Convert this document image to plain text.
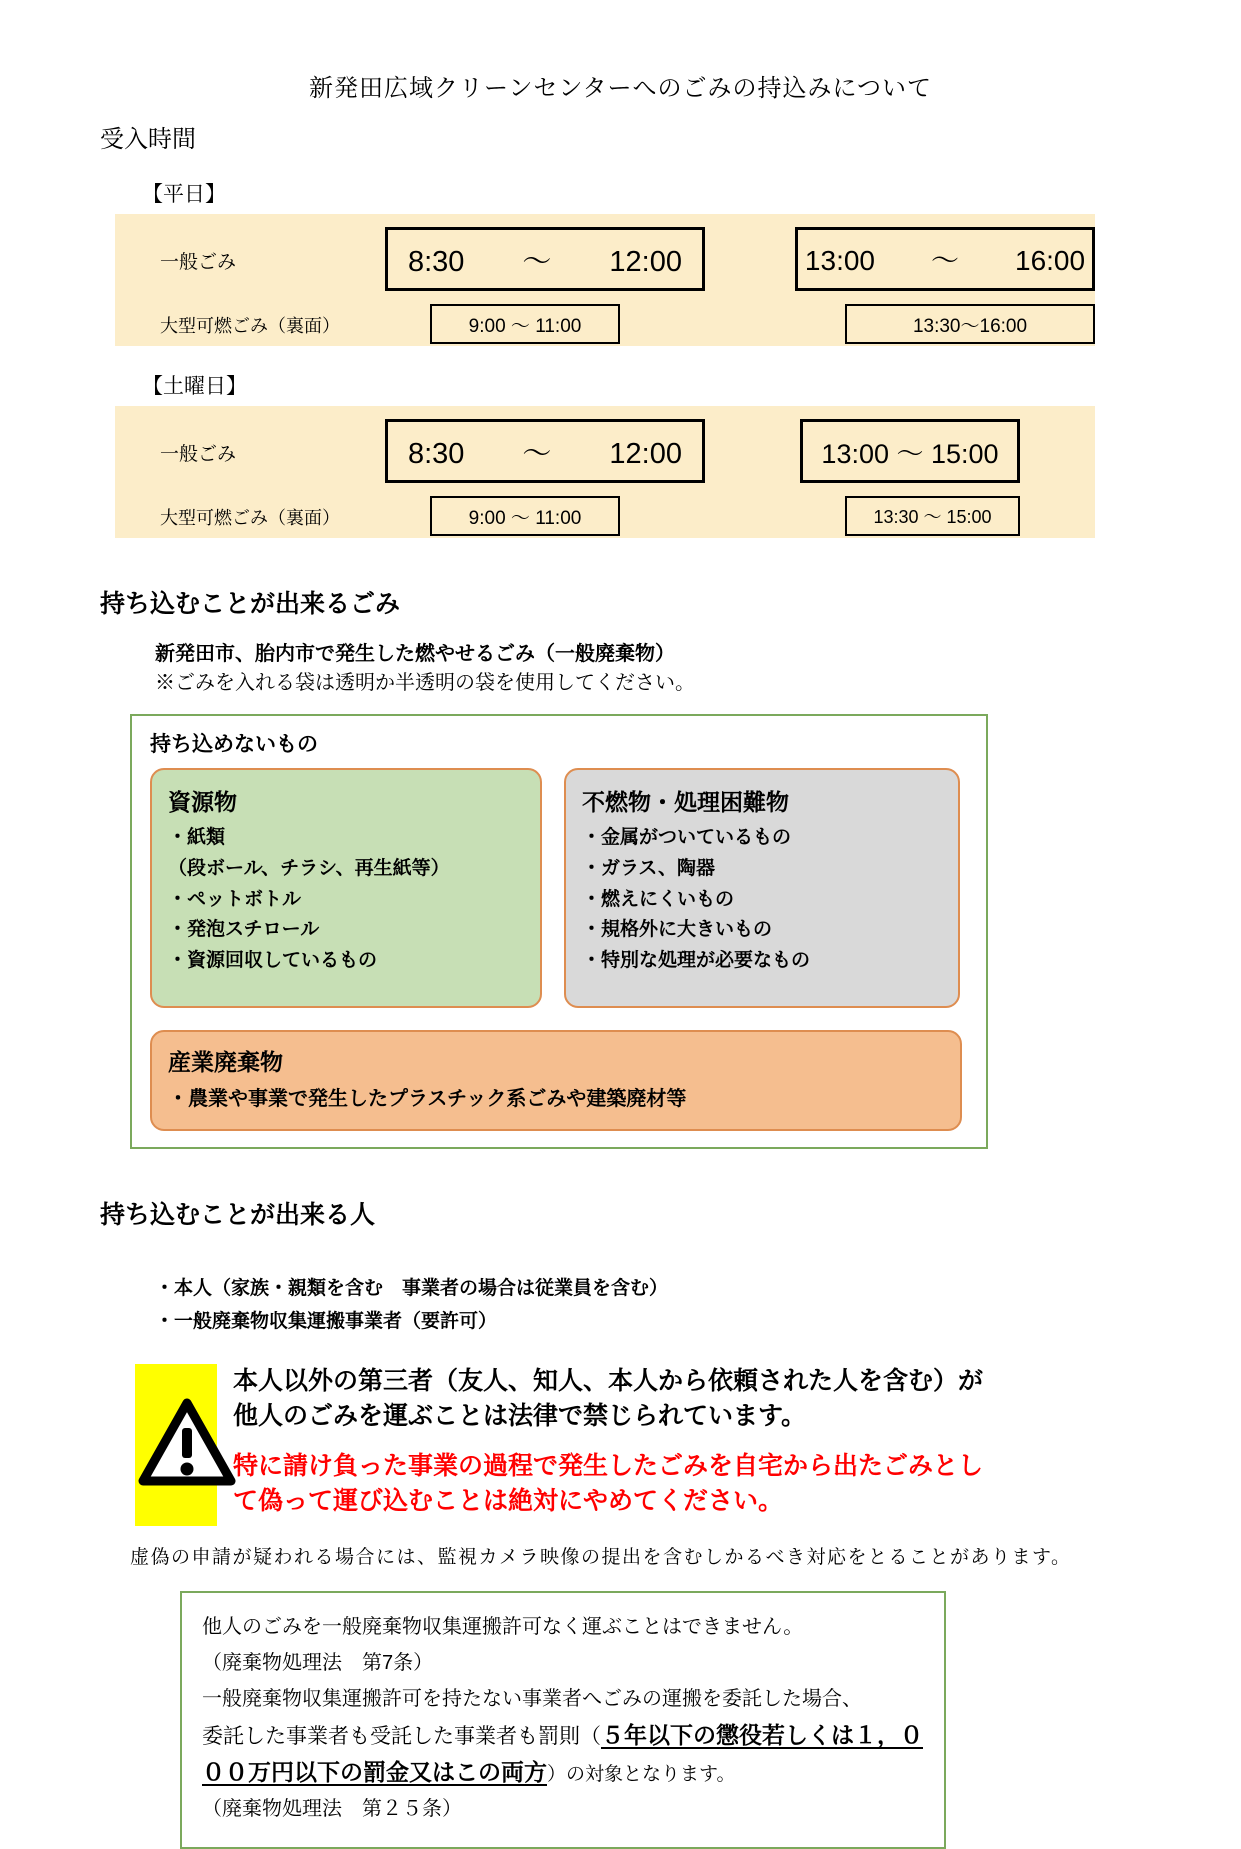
新発田広域クリーンセンターへのごみの持込みについて
受入時間
【平日】
一般ごみ	8:30　　～　　12:00	13:00　　～　　16:00
大型可燃ごみ（裏面）	9:00 ～ 11:00	13:30～16:00
【土曜日】
一般ごみ	8:30　　～　　12:00	13:00 ～ 15:00
大型可燃ごみ（裏面）	9:00 ～ 11:00	13:30 ～ 15:00
持ち込むことが出来るごみ
新発田市、胎内市で発生した燃やせるごみ（一般廃棄物）
※ごみを入れる袋は透明か半透明の袋を使用してください。
持ち込めないもの
資源物
・紙類
（段ボール、チラシ、再生紙等）
・ペットボトル
・発泡スチロール
・資源回収しているもの
不燃物・処理困難物
・金属がついているもの
・ガラス、陶器
・燃えにくいもの
・規格外に大きいもの
・特別な処理が必要なもの
産業廃棄物
・農業や事業で発生したプラスチック系ごみや建築廃材等
持ち込むことが出来る人
・本人（家族・親類を含む　事業者の場合は従業員を含む）
・一般廃棄物収集運搬事業者（要許可）
本人以外の第三者（友人、知人、本人から依頼された人を含む）が他人のごみを運ぶことは法律で禁じられています。
特に請け負った事業の過程で発生したごみを自宅から出たごみとして偽って運び込むことは絶対にやめてください。
虚偽の申請が疑われる場合には、監視カメラ映像の提出を含むしかるべき対応をとることがあります。
他人のごみを一般廃棄物収集運搬許可なく運ぶことはできません。
（廃棄物処理法　第7条）
一般廃棄物収集運搬許可を持たない事業者へごみの運搬を委託した場合、
委託した事業者も受託した事業者も罰則（５年以下の懲役若しくは１，０００万円以下の罰金又はこの両方）の対象となります。
（廃棄物処理法　第２５条）
